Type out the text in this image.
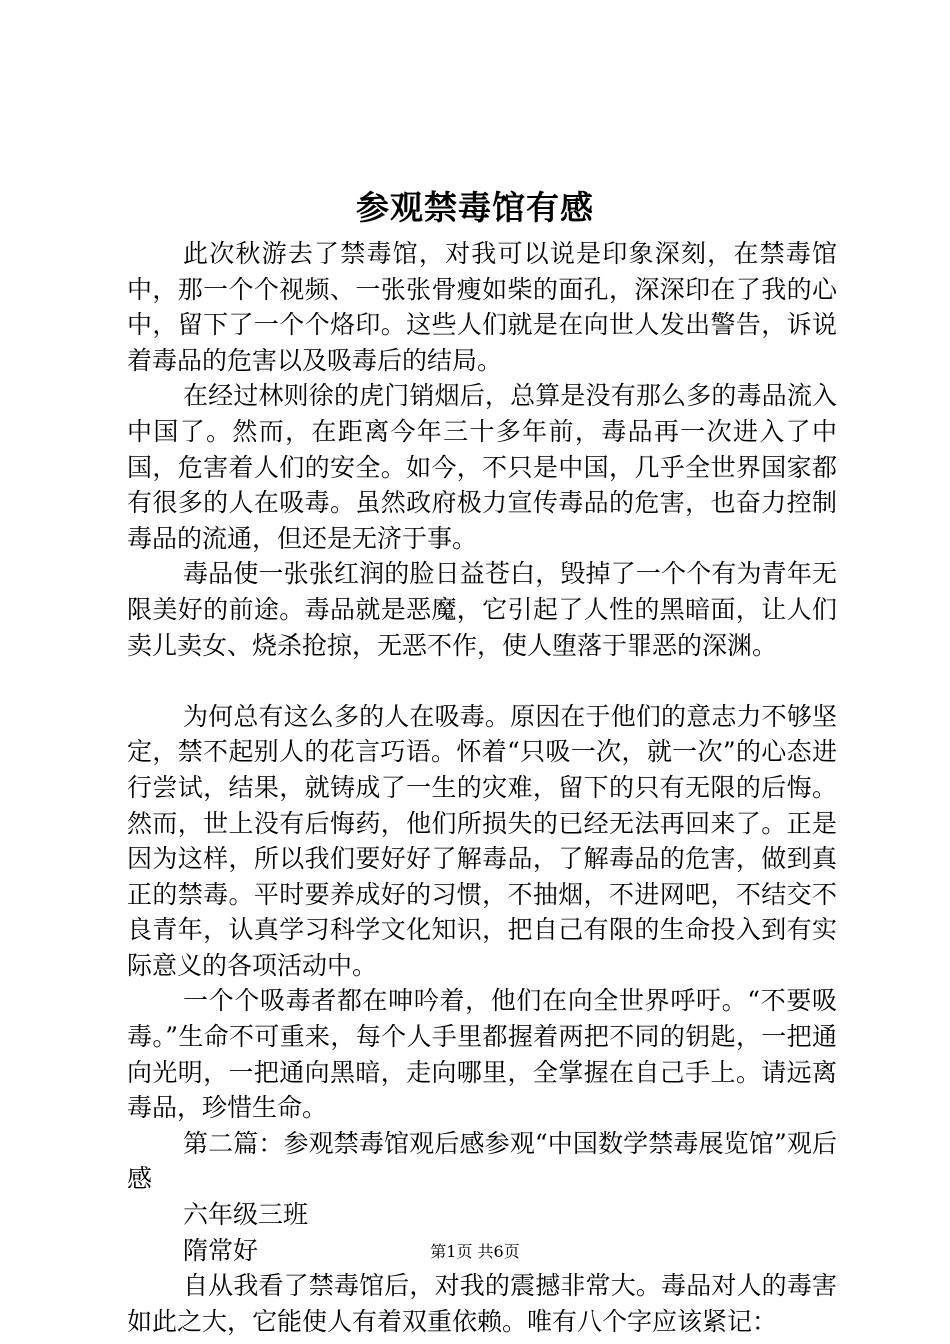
参观禁毒馆有感

此次秋游去了禁毒馆，对我可以说是印象深刻，在禁毒馆中，那一个个视频、一张张骨瘦如柴的面孔，深深印在了我的心中，留下了一个个烙印。这些人们就是在向世人发出警告，诉说着毒品的危害以及吸毒后的结局。

在经过林则徐的虎门销烟后，总算是没有那么多的毒品流入中国了。然而，在距离今年三十多年前，毒品再一次进入了中国，危害着人们的安全。如今，不只是中国，几乎全世界国家都有很多的人在吸毒。虽然政府极力宣传毒品的危害，也奋力控制毒品的流通，但还是无济于事。

毒品使一张张红润的脸日益苍白，毁掉了一个个有为青年无限美好的前途。毒品就是恶魔，它引起了人性的黑暗面，让人们卖儿卖女、烧杀抢掠，无恶不作，使人堕落于罪恶的深渊。

为何总有这么多的人在吸毒。原因在于他们的意志力不够坚定，禁不起别人的花言巧语。怀着“只吸一次，就一次”的心态进行尝试，结果，就铸成了一生的灾难，留下的只有无限的后悔。然而，世上没有后悔药，他们所损失的已经无法再回来了。正是因为这样，所以我们要好好了解毒品，了解毒品的危害，做到真正的禁毒。平时要养成好的习惯，不抽烟，不进网吧，不结交不良青年，认真学习科学文化知识，把自己有限的生命投入到有实际意义的各项活动中。

一个个吸毒者都在呻吟着，他们在向全世界呼吁。“不要吸毒。”生命不可重来，每个人手里都握着两把不同的钥匙，一把通向光明，一把通向黑暗，走向哪里，全掌握在自己手上。请远离毒品，珍惜生命。

第二篇：参观禁毒馆观后感参观“中国数学禁毒展览馆”观后感

六年级三班

隋常好

自从我看了禁毒馆后，对我的震撼非常大。毒品对人的毒害如此之大，它能使人有着双重依赖。唯有八个字应该紧记：

第1页 共6页
